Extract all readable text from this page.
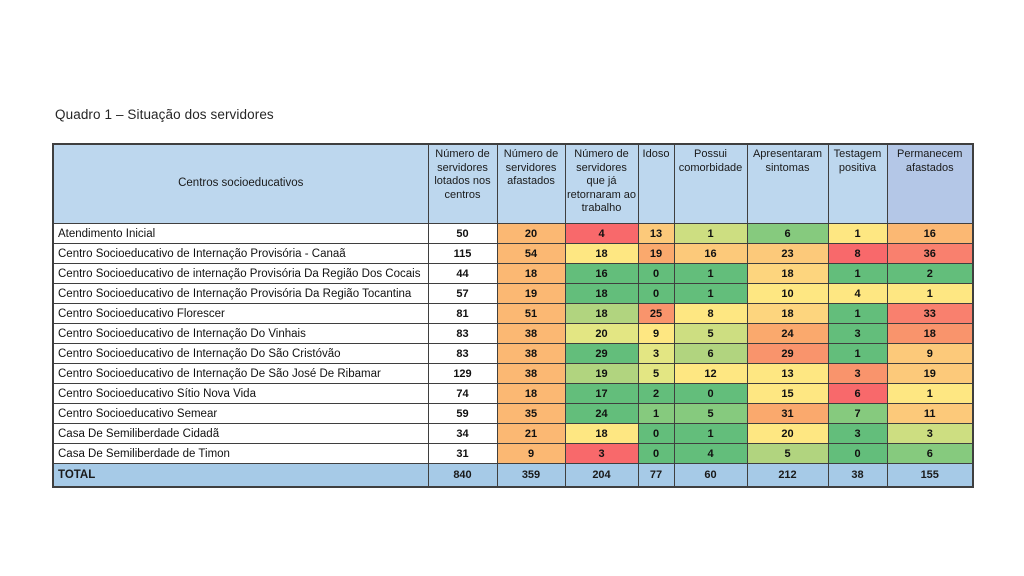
Quadro 1 – Situação dos servidores
Centros socioeducativos	Número de servidores lotados nos centros	Número de servidores afastados	Número de servidores que já retornaram ao trabalho	Idoso	Possui comorbidade	Apresentaram sintomas	Testagem positiva	Permanecem afastados
Atendimento Inicial	50	20	4	13	1	6	1	16
Centro Socioeducativo de Internação Provisória - Canaã	115	54	18	19	16	23	8	36
Centro Socioeducativo de internação Provisória Da Região Dos Cocais	44	18	16	0	1	18	1	2
Centro Socioeducativo de Internação Provisória Da Região Tocantina	57	19	18	0	1	10	4	1
Centro Socioeducativo Florescer	81	51	18	25	8	18	1	33
Centro Socioeducativo de Internação Do Vinhais	83	38	20	9	5	24	3	18
Centro Socioeducativo de Internação Do São Cristóvão	83	38	29	3	6	29	1	9
Centro Socioeducativo de Internação De São José De Ribamar	129	38	19	5	12	13	3	19
Centro Socioeducativo Sítio Nova Vida	74	18	17	2	0	15	6	1
Centro Socioeducativo Semear	59	35	24	1	5	31	7	11
Casa De Semiliberdade Cidadã	34	21	18	0	1	20	3	3
Casa De Semiliberdade de Timon	31	9	3	0	4	5	0	6
TOTAL	840	359	204	77	60	212	38	155
